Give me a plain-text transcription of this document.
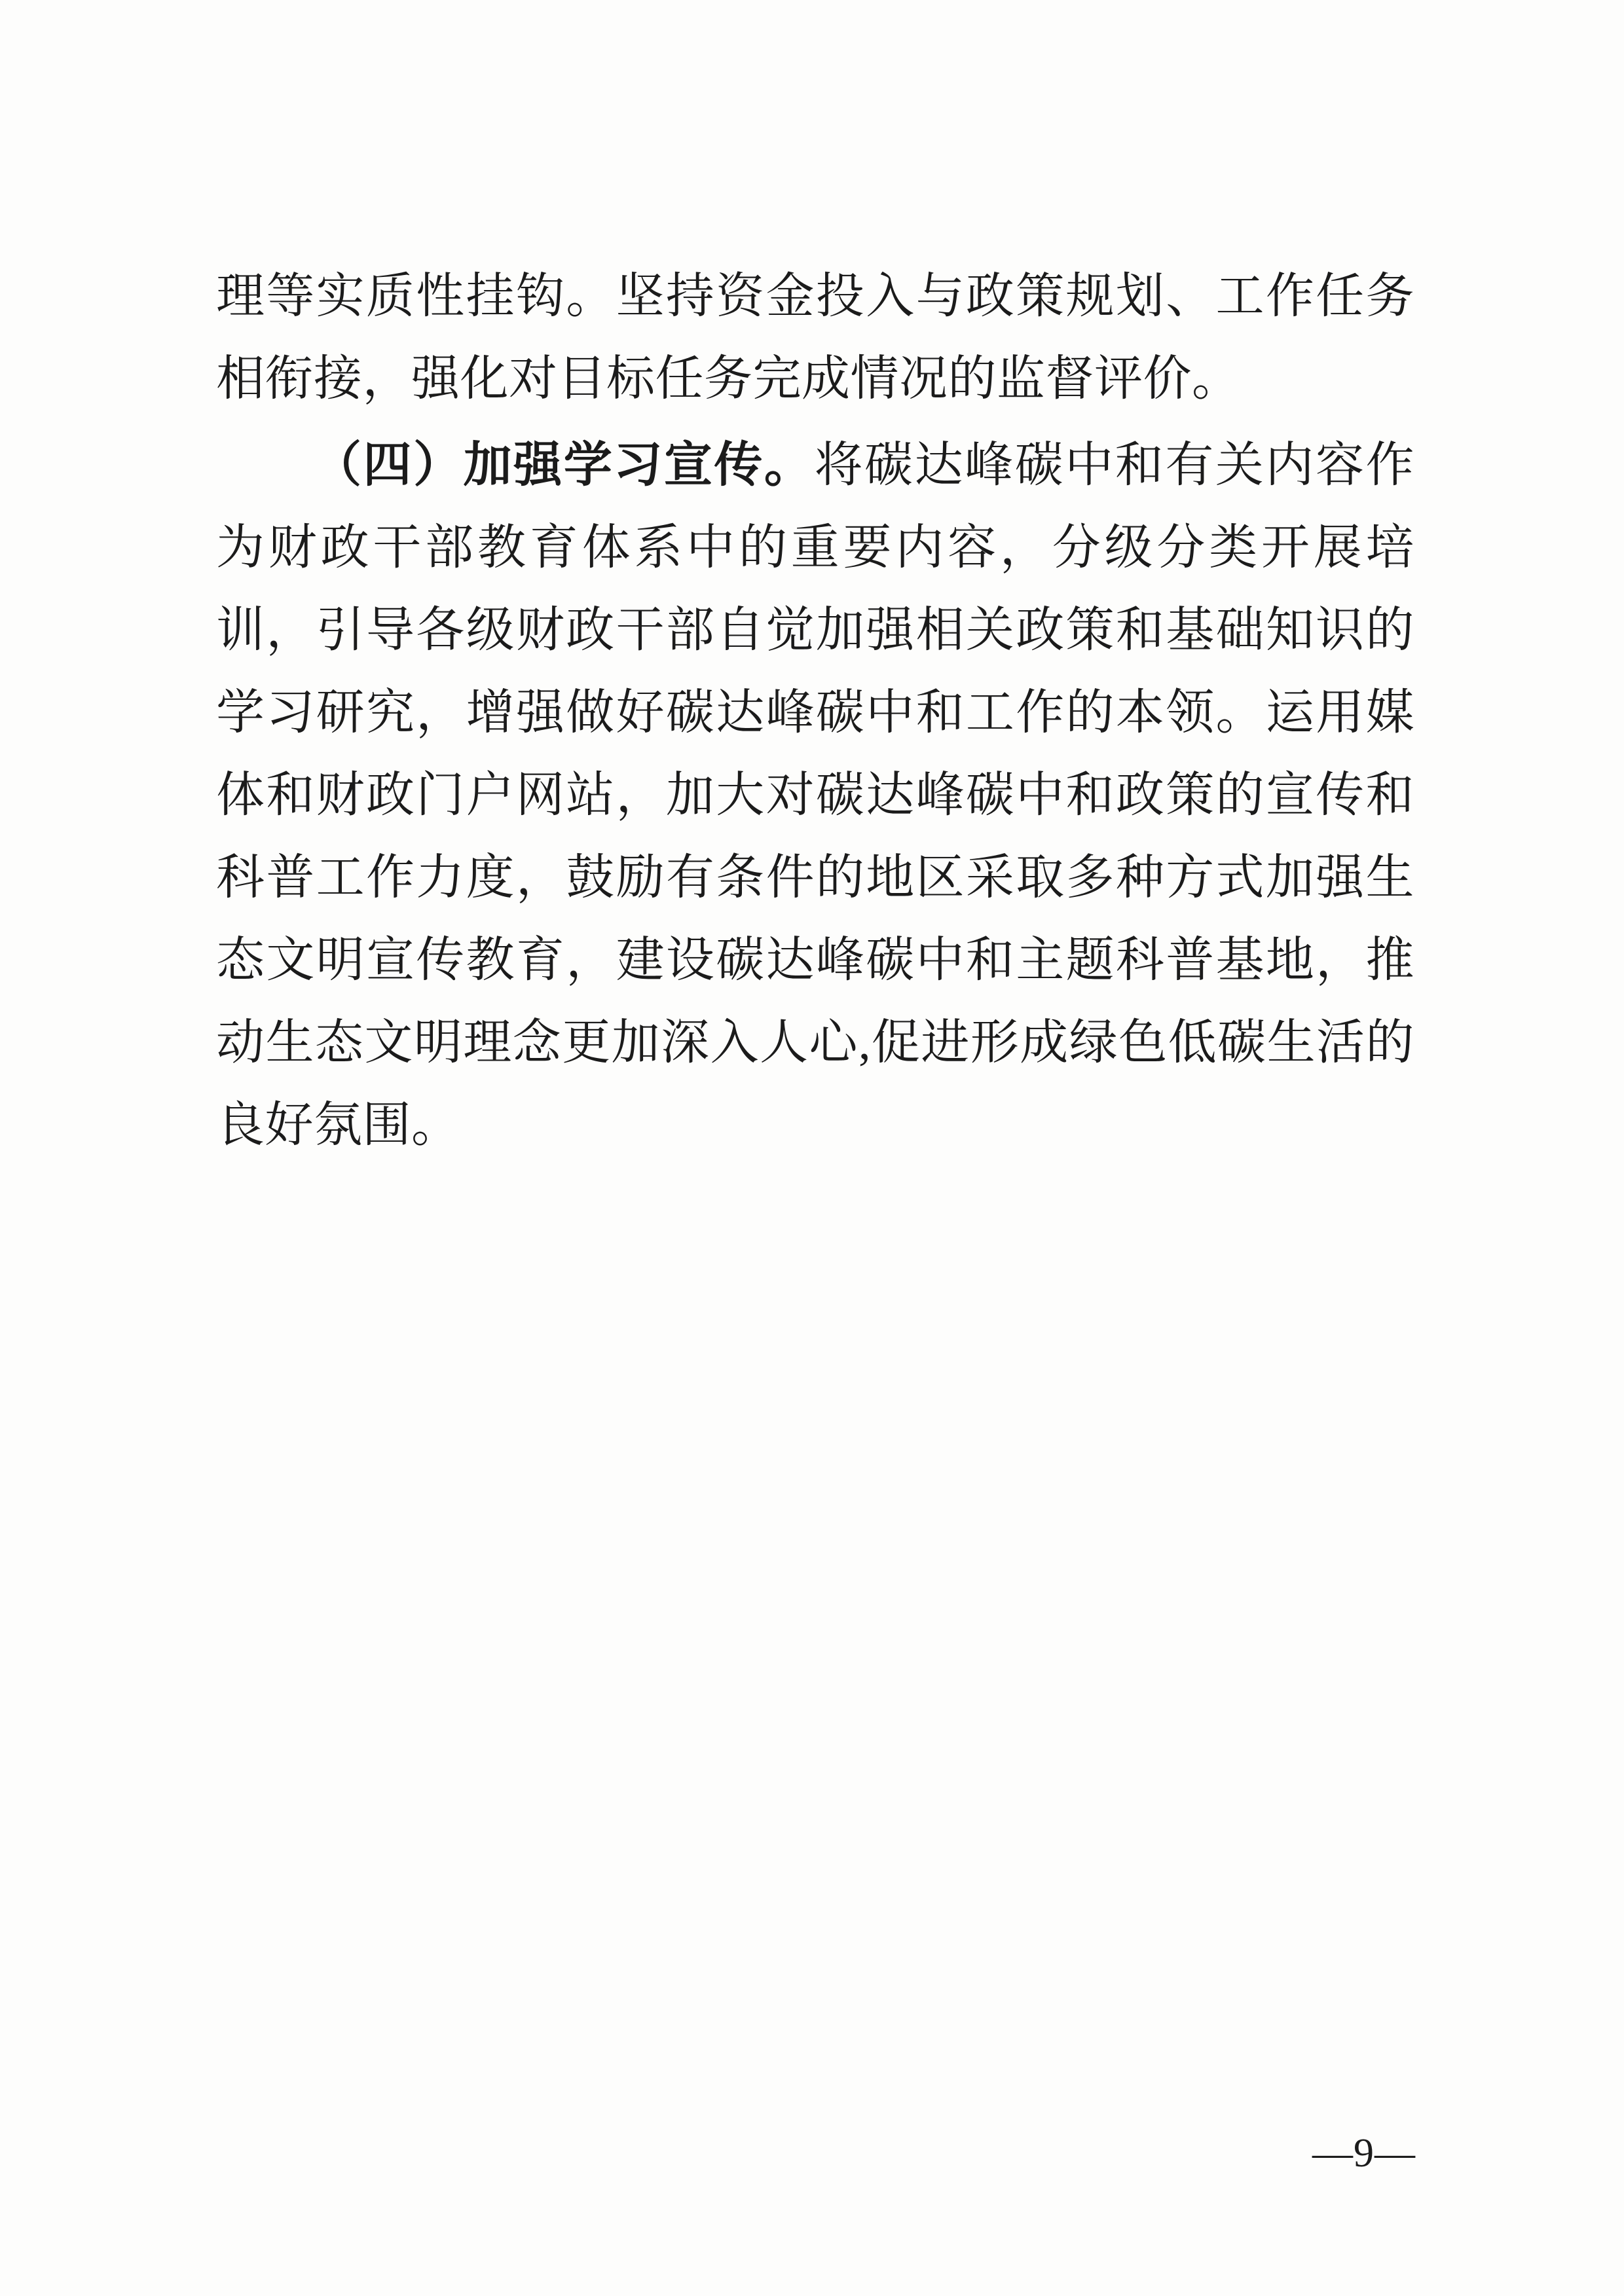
理等实质性挂钩。坚持资金投入与政策规划、工作任务相衔接，强化对目标任务完成情况的监督评价。

（四）加强学习宣传。将碳达峰碳中和有关内容作为财政干部教育体系中的重要内容，分级分类开展培训，引导各级财政干部自觉加强相关政策和基础知识的学习研究，增强做好碳达峰碳中和工作的本领。运用媒体和财政门户网站，加大对碳达峰碳中和政策的宣传和科普工作力度，鼓励有条件的地区采取多种方式加强生态文明宣传教育，建设碳达峰碳中和主题科普基地，推动生态文明理念更加深入人心,促进形成绿色低碳生活的良好氛围。

—9—
